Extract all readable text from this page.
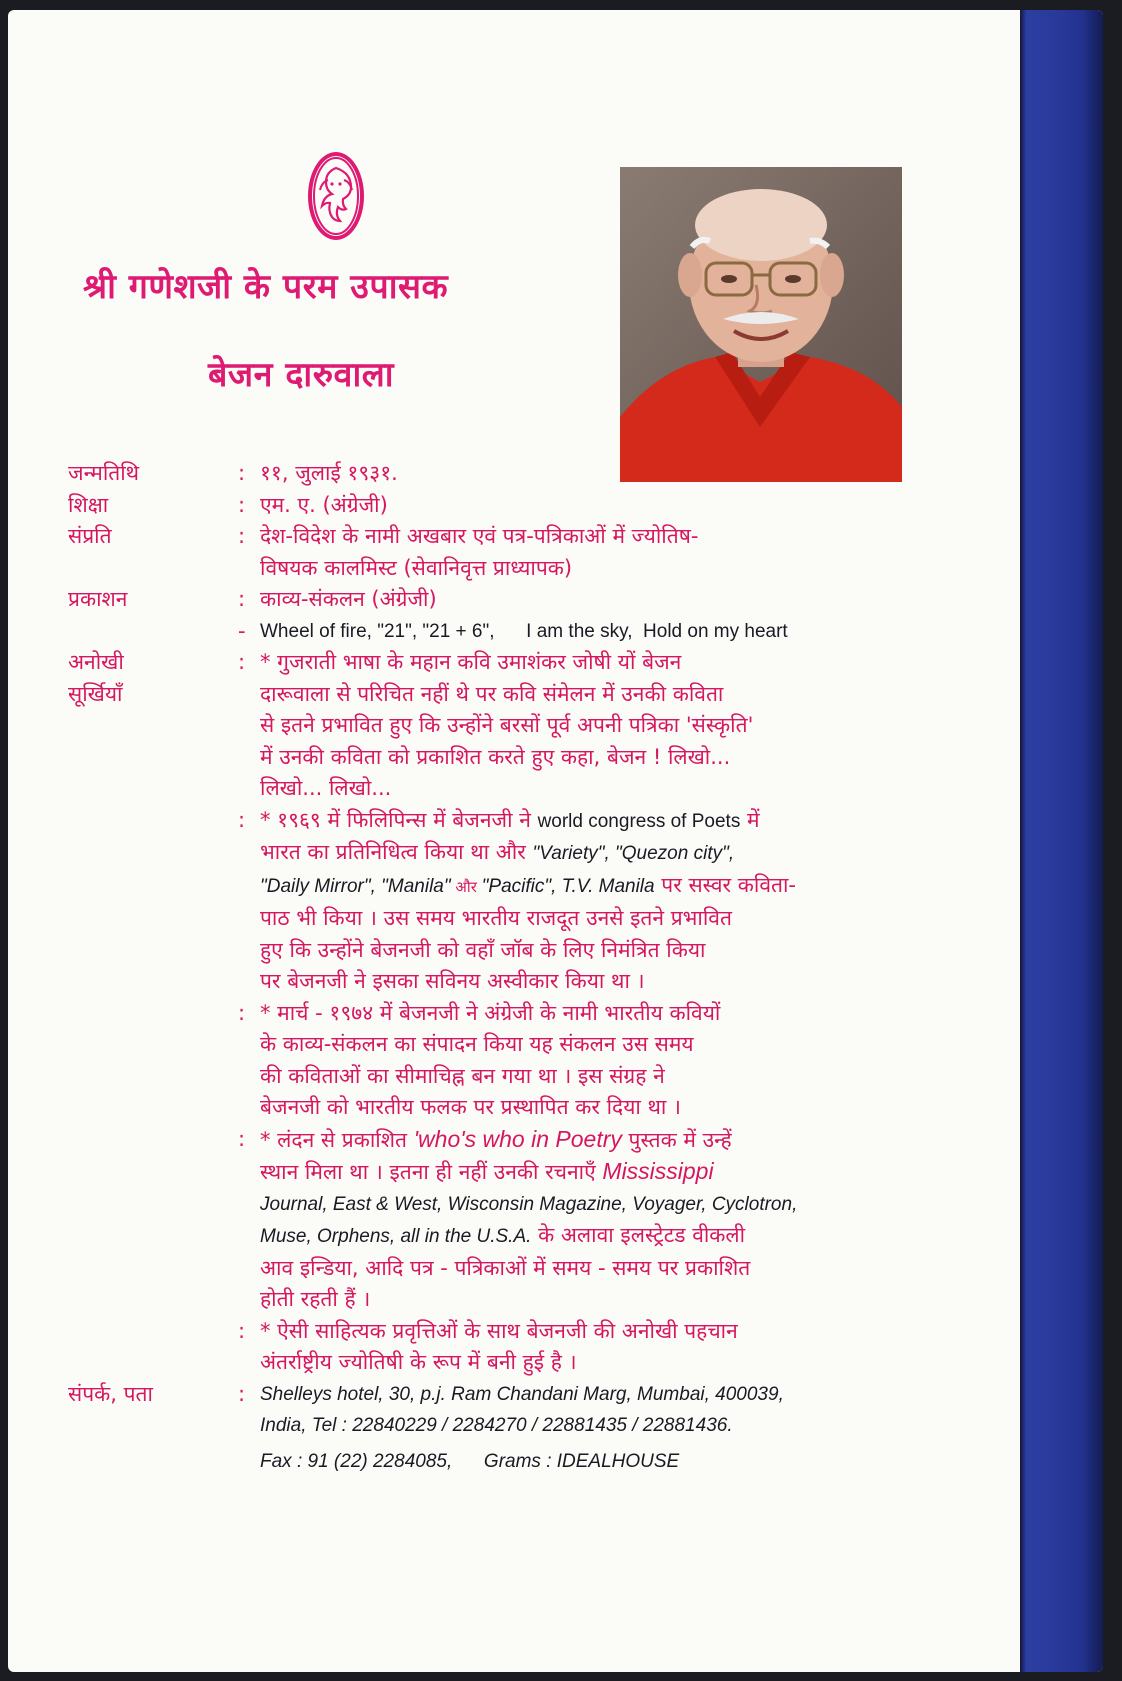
श्री गणेशजी के परम उपासक
बेजन दारुवाला
जन्मतिथि	: ११, जुलाई १९३१.
शिक्षा	: एम. ए. (अंग्रेजी)
संप्रति	: देश-विदेश के नामी अखबार एवं पत्र-पत्रिकाओं में ज्योतिष-
विषयक कालमिस्ट (सेवानिवृत्त प्राध्यापक)
प्रकाशन	: काव्य-संकलन (अंग्रेजी)
- Wheel of fire, "21", "21 + 6",      I am the sky,  Hold on my heart
अनोखी
सूर्खियाँ
: * गुजराती भाषा के महान कवि उमाशंकर जोषी यों बेजन
दारूवाला से परिचित नहीं थे पर कवि संमेलन में उनकी कविता
से इतने प्रभावित हुए कि उन्होंने बरसों पूर्व अपनी पत्रिका 'संस्कृति'
में उनकी कविता को प्रकाशित करते हुए कहा, बेजन ! लिखो...
लिखो... लिखो...
: * १९६९ में फिलिपिन्स में बेजनजी ने world congress of Poets में
भारत का प्रतिनिधित्व किया था और "Variety", "Quezon city",
"Daily Mirror", "Manila" और "Pacific", T.V. Manila पर सस्वर कविता-
पाठ भी किया । उस समय भारतीय राजदूत उनसे इतने प्रभावित
हुए कि उन्होंने बेजनजी को वहाँ जॉब के लिए निमंत्रित किया
पर बेजनजी ने इसका सविनय अस्वीकार किया था ।
: * मार्च - १९७४ में बेजनजी ने अंग्रेजी के नामी भारतीय कवियों
के काव्य-संकलन का संपादन किया यह संकलन उस समय
की कविताओं का सीमाचिह्न बन गया था । इस संग्रह ने
बेजनजी को भारतीय फलक पर प्रस्थापित कर दिया था ।
: * लंदन से प्रकाशित 'who's who in Poetry पुस्तक में उन्हें
स्थान मिला था । इतना ही नहीं उनकी रचनाएँ Mississippi
Journal, East & West, Wisconsin Magazine, Voyager, Cyclotron,
Muse, Orphens, all in the U.S.A. के अलावा इलस्ट्रेटड वीकली
आव इन्डिया, आदि पत्र - पत्रिकाओं में समय - समय पर प्रकाशित
होती रहती हैं ।
: * ऐसी साहित्यक प्रवृत्तिओं के साथ बेजनजी की अनोखी पहचान
अंतर्राष्ट्रीय ज्योतिषी के रूप में बनी हुई है ।
संपर्क, पता	: Shelleys hotel, 30, p.j. Ram Chandani Marg, Mumbai, 400039,
India, Tel : 22840229 / 2284270 / 22881435 / 22881436.
Fax : 91 (22) 2284085,      Grams : IDEALHOUSE
